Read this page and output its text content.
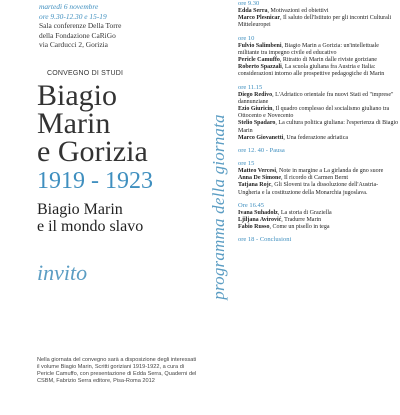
martedì 6 novembre
ore 9.30-12.30 e 15-19
Sala conferenze Della Torre
della Fondazione CaRiGo
via Carducci 2, Gorizia
CONVEGNO DI STUDI
Biagio
Marin
e Gorizia
1919 - 1923
Biagio Marin
e il mondo slavo
invito
Nella giornata del convegno sarà a disposizione degli interessati il volume Biagio Marin, Scritti goriziani 1919-1922, a cura di Pericle Camuffo, con presentazione di Edda Serra, Quaderni del CSBM, Fabrizio Serra editore, Pisa-Roma 2012
programma della giornata
ore 9.30
Edda Serra, Motivazioni ed obiettivi
Marco Plesnicar, Il saluto dell'Istituto per gli incontri Culturali Mitteleuropei
ore 10
Fulvio Salimbeni, Biagio Marin a Gorizia: un'intellettuale militante tra impegno civile ed educativo
Pericle Camuffo, Ritratto di Marin dalle riviste goriziane
Roberto Spazzali, La scuola giuliana fra Austria e Italia: considerazioni intorno alle prospettive pedagogiche di Marin
ore 11.15
Diego Redivo, L'Adriatico orientale fra nuovi Stati ed "imprese" dannunziane
Ezio Giuricin, Il quadro complesso del socialismo giuliano tra Ottocento e Novecento
Stelio Spadaro, La cultura politica giuliana: l'esperienza di Biagio Marin
Marco Giovanetti, Una federazione adriatica
ore 12. 40 - Pausa
ore 15
Matteo Vercesi, Note in margine a La girlanda de gno suore
Anna De Simone, Il ricordo di Carmen Bernt
Tatjana Rojc, Gli Sloveni tra la dissoluzione dell'Austria-Ungheria e la costituzione della Monarchia jugoslava.
Ore 16.45
Ivana Suhadolz, La storia di Graziella
Ljiljana Avirović, Tradurre Marin
Fabio Russo, Come un pisello in tega
ore 18 - Conclusioni
